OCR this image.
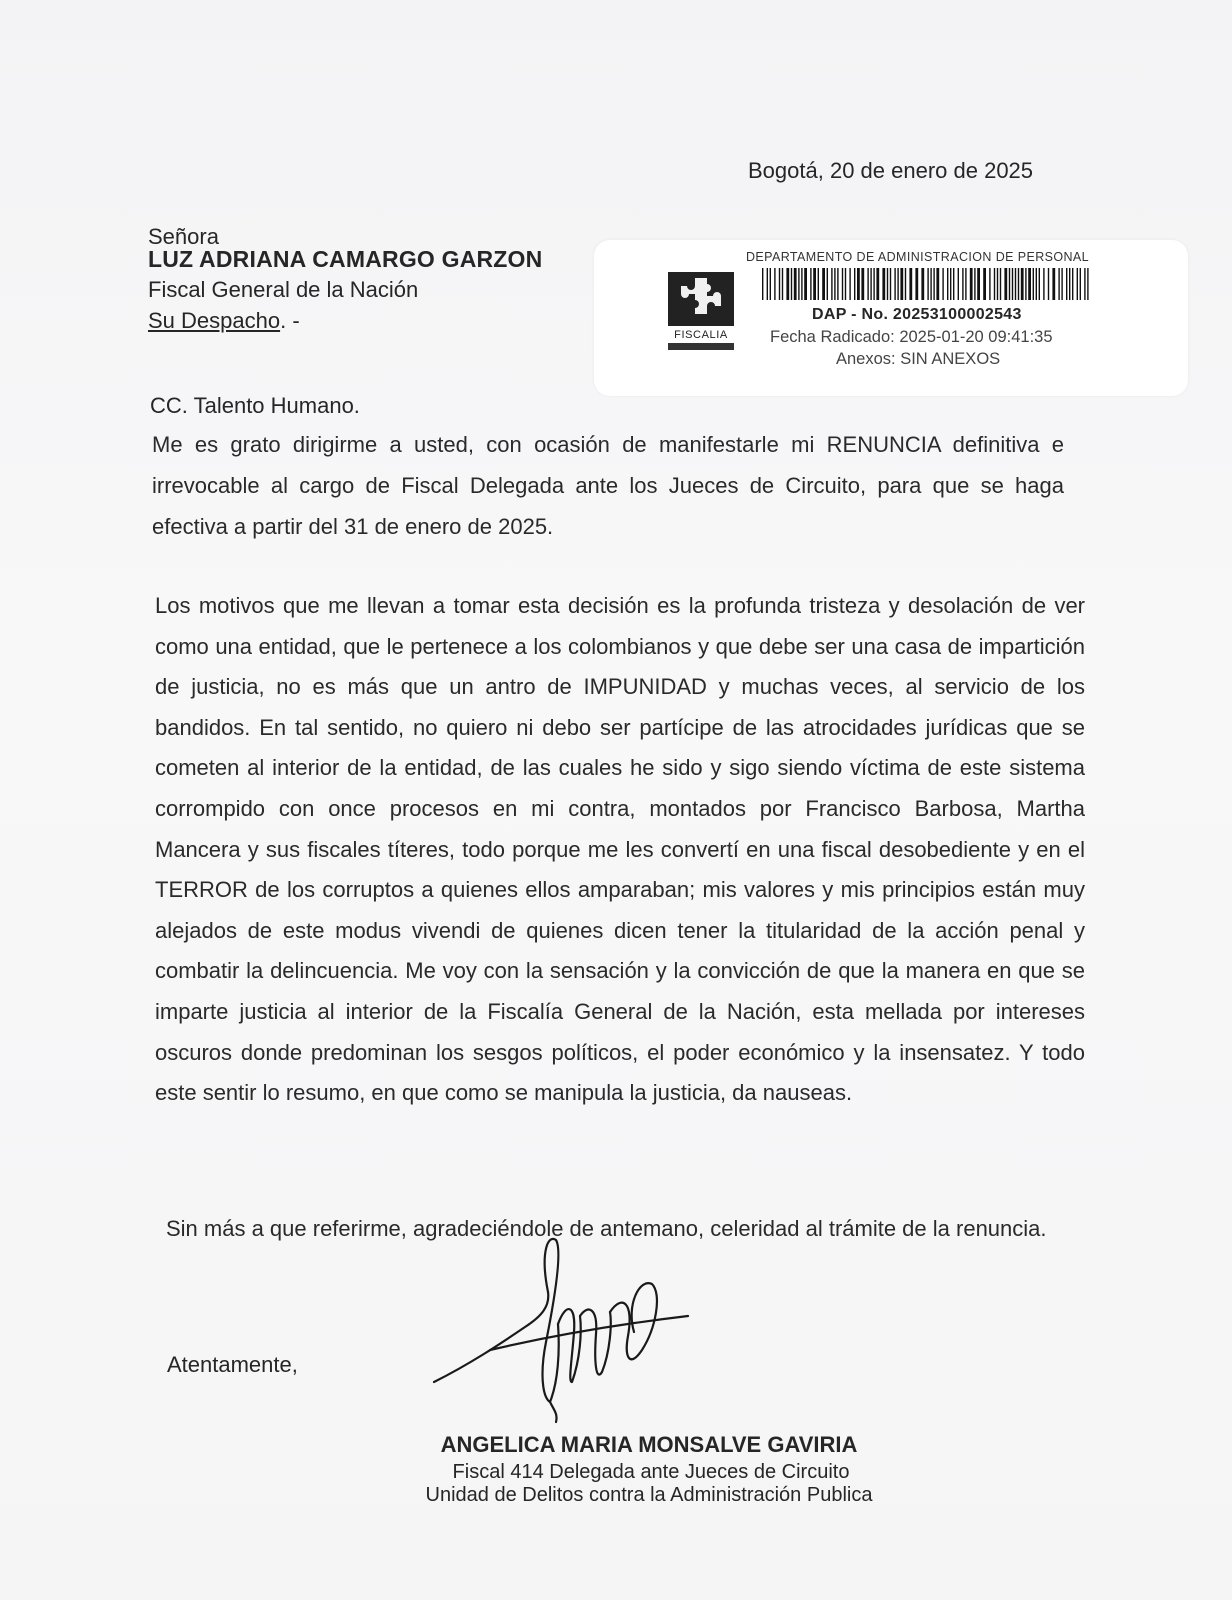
Bogotá, 20 de enero de 2025
Señora
LUZ ADRIANA CAMARGO GARZON
Fiscal General de la Nación
Su Despacho. -
FISCALIA
DEPARTAMENTO DE ADMINISTRACION DE PERSONAL
DAP - No. 20253100002543
Fecha Radicado: 2025-01-20 09:41:35
Anexos: SIN ANEXOS
CC. Talento Humano.
Me es grato dirigirme a usted, con ocasión de manifestarle mi RENUNCIA definitiva e irrevocable al cargo de Fiscal Delegada ante los Jueces de Circuito, para que se haga efectiva a partir del 31 de enero de 2025.
Los motivos que me llevan a tomar esta decisión es la profunda tristeza y desolación de ver como una entidad, que le pertenece a los colombianos y que debe ser una casa de impartición de justicia, no es más que un antro de IMPUNIDAD y muchas veces, al servicio de los bandidos. En tal sentido, no quiero ni debo ser partícipe de las atrocidades jurídicas que se cometen al interior de la entidad, de las cuales he sido y sigo siendo víctima de este sistema corrompido con once procesos en mi contra, montados por Francisco Barbosa, Martha Mancera y sus fiscales títeres, todo porque me les convertí en una fiscal desobediente y en el TERROR de los corruptos a quienes ellos amparaban; mis valores y mis principios están muy alejados de este modus vivendi de quienes dicen tener la titularidad de la acción penal y combatir la delincuencia. Me voy con la sensación y la convicción de que la manera en que se imparte justicia al interior de la Fiscalía General de la Nación, esta mellada por intereses oscuros donde predominan los sesgos políticos, el poder económico y la insensatez. Y todo este sentir lo resumo, en que como se manipula la justicia, da nauseas.
Sin más a que referirme, agradeciéndole de antemano, celeridad al trámite de la renuncia.
Atentamente,
ANGELICA MARIA MONSALVE GAVIRIA
Fiscal 414 Delegada ante Jueces de Circuito
Unidad de Delitos contra la Administración Publica
